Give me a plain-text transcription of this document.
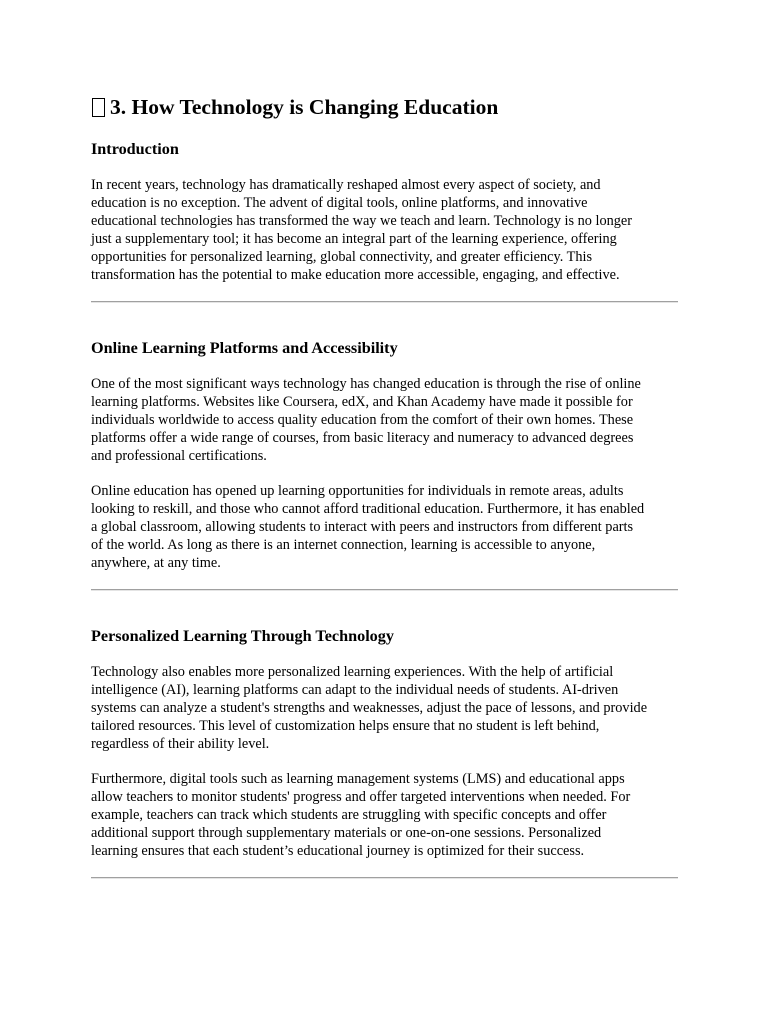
3. How Technology is Changing Education
Introduction

In recent years, technology has dramatically reshaped almost every aspect of society, and
education is no exception. The advent of digital tools, online platforms, and innovative
educational technologies has transformed the way we teach and learn. Technology is no longer
just a supplementary tool; it has become an integral part of the learning experience, offering
opportunities for personalized learning, global connectivity, and greater efficiency. This
transformation has the potential to make education more accessible, engaging, and effective.

Online Learning Platforms and Accessibility

One of the most significant ways technology has changed education is through the rise of online
learning platforms. Websites like Coursera, edX, and Khan Academy have made it possible for
individuals worldwide to access quality education from the comfort of their own homes. These
platforms offer a wide range of courses, from basic literacy and numeracy to advanced degrees
and professional certifications.

Online education has opened up learning opportunities for individuals in remote areas, adults
looking to reskill, and those who cannot afford traditional education. Furthermore, it has enabled
a global classroom, allowing students to interact with peers and instructors from different parts
of the world. As long as there is an internet connection, learning is accessible to anyone,
anywhere, at any time.

Personalized Learning Through Technology

Technology also enables more personalized learning experiences. With the help of artificial
intelligence (AI), learning platforms can adapt to the individual needs of students. AI-driven
systems can analyze a student's strengths and weaknesses, adjust the pace of lessons, and provide
tailored resources. This level of customization helps ensure that no student is left behind,
regardless of their ability level.

Furthermore, digital tools such as learning management systems (LMS) and educational apps
allow teachers to monitor students' progress and offer targeted interventions when needed. For
example, teachers can track which students are struggling with specific concepts and offer
additional support through supplementary materials or one-on-one sessions. Personalized
learning ensures that each student’s educational journey is optimized for their success.
